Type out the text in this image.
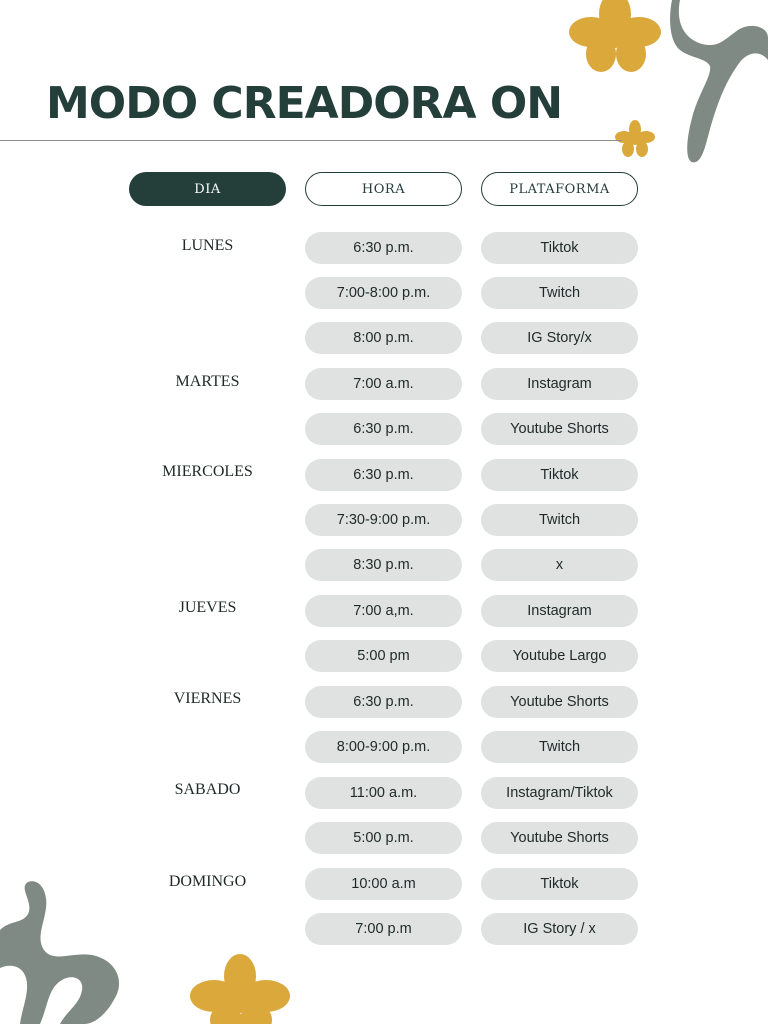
MODO CREADORA ON
DIA	HORA	PLATAFORMA
LUNES
MARTES
MIERCOLES
JUEVES
VIERNES
SABADO
DOMINGO
6:30 p.m.
7:00-8:00 p.m.
8:00 p.m.
7:00 a.m.
6:30 p.m.
6:30 p.m.
7:30-9:00 p.m.
8:30 p.m.
7:00 a,m.
5:00 pm
6:30 p.m.
8:00-9:00 p.m.
11:00 a.m.
5:00 p.m.
10:00 a.m
7:00 p.m
Tiktok
Twitch
IG Story/x
Instagram
Youtube Shorts
Tiktok
Twitch
x
Instagram
Youtube Largo
Youtube Shorts
Twitch
Instagram/Tiktok
Youtube Shorts
Tiktok
IG Story / x
